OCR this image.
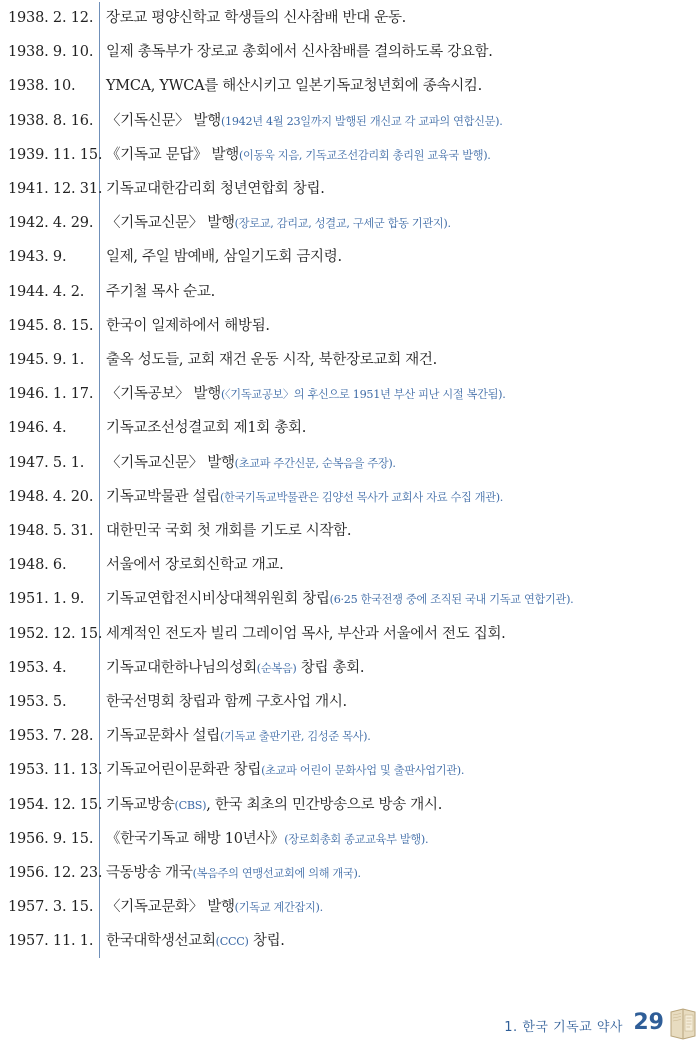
1938. 2. 12. 장로교 평양신학교 학생들의 신사참배 반대 운동.
1938. 9. 10. 일제 총독부가 장로교 총회에서 신사참배를 결의하도록 강요함.
1938. 10. YMCA, YWCA를 해산시키고 일본기독교청년회에 종속시킴.
1938. 8. 16. 〈기독신문〉 발행(1942년 4월 23일까지 발행된 개신교 각 교파의 연합신문).
1939. 11. 15. 《기독교 문답》 발행(이동욱 지음, 기독교조선감리회 총리원 교육국 발행).
1941. 12. 31. 기독교대한감리회 청년연합회 창립.
1942. 4. 29. 〈기독교신문〉 발행(장로교, 감리교, 성결교, 구세군 합동 기관지).
1943. 9.	일제, 주일 밤예배, 삼일기도회 금지령.
1944. 4. 2. 주기철 목사 순교.
1945. 8. 15. 한국이 일제하에서 해방됨.
1945. 9. 1. 출옥 성도들, 교회 재건 운동 시작, 북한장로교회 재건.
1946. 1. 17. 〈기독공보〉 발행(〈기독교공보〉의 후신으로 1951년 부산 피난 시절 복간됨).
1946. 4.	기독교조선성결교회 제1회 총회.
1947. 5. 1. 〈기독교신문〉 발행(초교파 주간신문, 순복음을 주장).
1948. 4. 20. 기독교박물관 설립(한국기독교박물관은 김양선 목사가 교회사 자료 수집 개관).
1948. 5. 31. 대한민국 국회 첫 개회를 기도로 시작함.
1948. 6.	서울에서 장로회신학교 개교.
1951. 1. 9. 기독교연합전시비상대책위원회 창립(6·25 한국전쟁 중에 조직된 국내 기독교 연합기관).
1952. 12. 15. 세계적인 전도자 빌리 그레이엄 목사, 부산과 서울에서 전도 집회.
1953. 4.	기독교대한하나님의성회(순복음) 창립 총회.
1953. 5.	한국선명회 창립과 함께 구호사업 개시.
1953. 7. 28. 기독교문화사 설립(기독교 출판기관, 김성준 목사).
1953. 11. 13. 기독교어린이문화관 창립(초교파 어린이 문화사업 및 출판사업기관).
1954. 12. 15. 기독교방송(CBS), 한국 최초의 민간방송으로 방송 개시.
1956. 9. 15. 《한국기독교 해방 10년사》(장로회총회 종교교육부 발행).
1956. 12. 23. 극동방송 개국(복음주의 연맹선교회에 의해 개국).
1957. 3. 15. 〈기독교문화〉 발행(기독교 계간잡지).
1957. 11. 1. 한국대학생선교회(CCC) 창립.
1. 한국 기독교 약사 29
